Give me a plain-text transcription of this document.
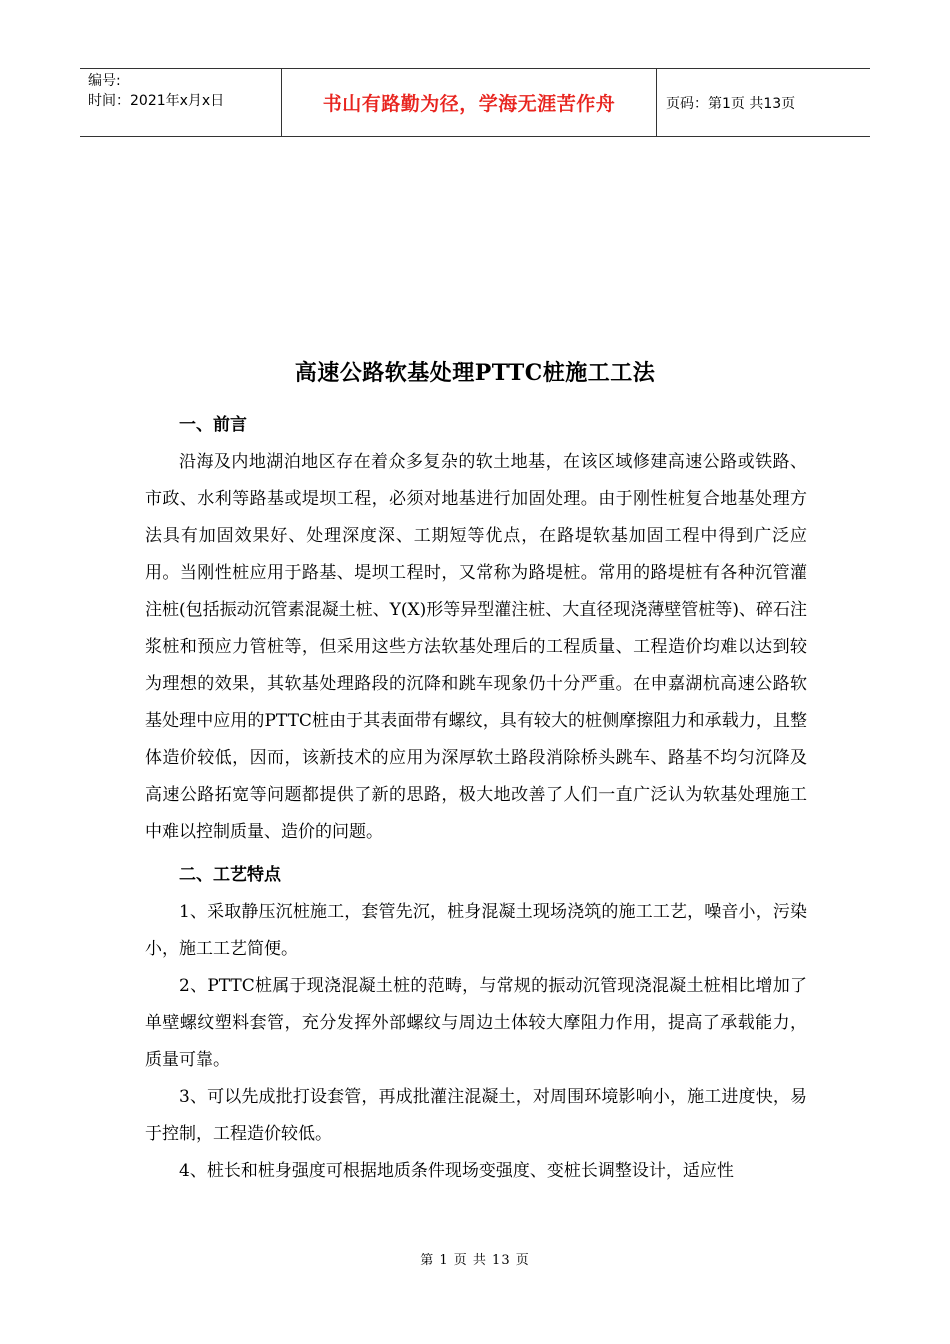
编号:
时间：2021年x月x日	书山有路勤为径，学海无涯苦作舟	页码：第1页 共13页
高速公路软基处理PTTC桩施工工法
一、前言

沿海及内地湖泊地区存在着众多复杂的软土地基，在该区域修建高速公路或铁路、市政、水利等路基或堤坝工程，必须对地基进行加固处理。由于刚性桩复合地基处理方法具有加固效果好、处理深度深、工期短等优点，在路堤软基加固工程中得到广泛应用。当刚性桩应用于路基、堤坝工程时，又常称为路堤桩。常用的路堤桩有各种沉管灌注桩(包括振动沉管素混凝土桩、Y(X)形等异型灌注桩、大直径现浇薄壁管桩等)、碎石注浆桩和预应力管桩等，但采用这些方法软基处理后的工程质量、工程造价均难以达到较为理想的效果，其软基处理路段的沉降和跳车现象仍十分严重。在申嘉湖杭高速公路软基处理中应用的PTTC桩由于其表面带有螺纹，具有较大的桩侧摩擦阻力和承载力，且整体造价较低，因而，该新技术的应用为深厚软土路段消除桥头跳车、路基不均匀沉降及高速公路拓宽等问题都提供了新的思路，极大地改善了人们一直广泛认为软基处理施工中难以控制质量、造价的问题。

二、工艺特点

1、采取静压沉桩施工，套管先沉，桩身混凝土现场浇筑的施工工艺，噪音小，污染小，施工工艺简便。

2、PTTC桩属于现浇混凝土桩的范畴，与常规的振动沉管现浇混凝土桩相比增加了单壁螺纹塑料套管，充分发挥外部螺纹与周边土体较大摩阻力作用，提高了承载能力，质量可靠。

3、可以先成批打设套管，再成批灌注混凝土，对周围环境影响小，施工进度快，易于控制，工程造价较低。

4、桩长和桩身强度可根据地质条件现场变强度、变桩长调整设计，适应性

第 1 页 共 13 页
